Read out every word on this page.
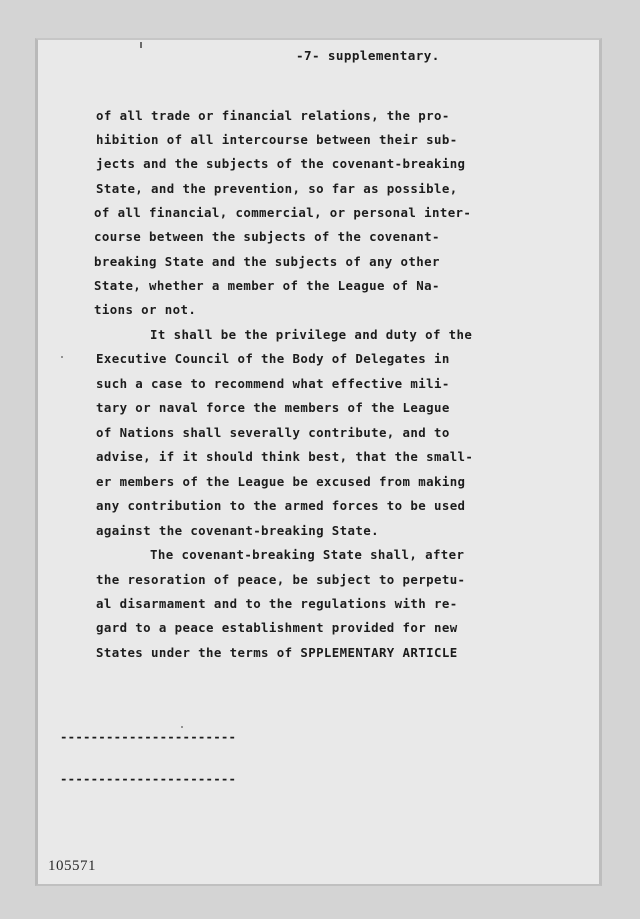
-7- supplementary.

of all trade or financial relations, the pro-

hibition of all intercourse between their sub-

jects and the subjects of the covenant-breaking

State, and the prevention, so far as possible,

of all financial, commercial, or personal inter-

course between the subjects of the covenant-

breaking State and the subjects of any other

State, whether a member of the League of Na-

tions or not.

It shall be the privilege and duty of the

Executive Council of the Body of Delegates in

such a case to recommend what effective mili-

tary or naval force the members of the League

of Nations shall severally contribute, and to

advise, if it should think best, that the small-

er members of the League be excused from making

any contribution to the armed forces to be used

against the covenant-breaking State.

The covenant-breaking State shall, after

the resoration of peace, be subject to perpetu-

al disarmament and to the regulations with re-

gard to a peace establishment provided for new

States under the terms of SPPLEMENTARY ARTICLE

-----------------------

-----------------------

105571
